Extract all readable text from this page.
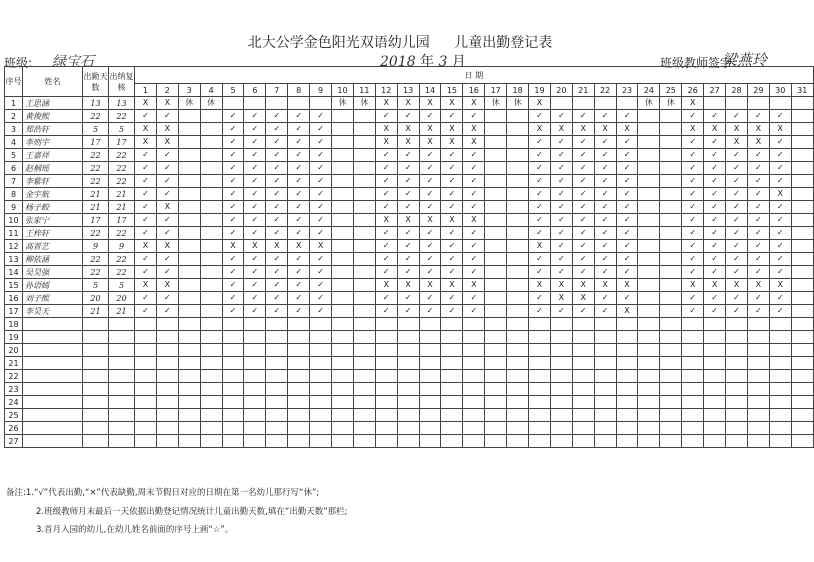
北大公学金色阳光双语幼儿园 儿童出勤登记表
班级: 绿宝石	2018 年 3 月	班级教师签字:
梁燕玲
序号	姓名	出勤天数	出纳复核	日 期																														
				1	2	3	4	5	6	7	8	9	10	11	12	13	14	15	16	17	18	19	20	21	22	23	24	25	26	27	28	29	30	31
1	王思涵	13	13	X	X	休	休						休	休	X	X	X	X	X	休	休	X					休	休	X					
2	黄俊熙	22	22	✓	✓			✓	✓	✓	✓	✓			✓	✓	✓	✓	✓			✓	✓	✓	✓	✓			✓	✓	✓	✓	✓	
3	郑浩轩	5	5	X	X			✓	✓	✓	✓	✓			X	X	X	X	X			X	X	X	X	X			X	X	X	X	X	
4	李则宇	17	17	X	X			✓	✓	✓	✓	✓			X	X	X	X	X			✓	✓	✓	✓	✓			✓	✓	X	X	✓	
5	王嘉祥	22	22	✓	✓			✓	✓	✓	✓	✓			✓	✓	✓	✓	✓			✓	✓	✓	✓	✓			✓	✓	✓	✓	✓	
6	赵桐瑶	22	22	✓	✓			✓	✓	✓	✓	✓			✓	✓	✓	✓	✓			✓	✓	✓	✓	✓			✓	✓	✓	✓	✓	
7	李紫轩	22	22	✓	✓			✓	✓	✓	✓	✓			✓	✓	✓	✓	✓			✓	✓	✓	✓	✓			✓	✓	✓	✓	✓	
8	金宇航	21	21	✓	✓			✓	✓	✓	✓	✓			✓	✓	✓	✓	✓			✓	✓	✓	✓	✓			✓	✓	✓	✓	X	
9	杨子鲛	21	21	✓	X			✓	✓	✓	✓	✓			✓	✓	✓	✓	✓			✓	✓	✓	✓	✓			✓	✓	✓	✓	✓	
10	张家宁	17	17	✓	✓			✓	✓	✓	✓	✓			X	X	X	X	X			✓	✓	✓	✓	✓			✓	✓	✓	✓	✓	
11	王梓轩	22	22	✓	✓			✓	✓	✓	✓	✓			✓	✓	✓	✓	✓			✓	✓	✓	✓	✓			✓	✓	✓	✓	✓	
12	高晋艺	9	9	X	X			X	X	X	X	X			✓	✓	✓	✓	✓			X	✓	✓	✓	✓			✓	✓	✓	✓	✓	
13	柳依涵	22	22	✓	✓			✓	✓	✓	✓	✓			✓	✓	✓	✓	✓			✓	✓	✓	✓	✓			✓	✓	✓	✓	✓	
14	吴昊强	22	22	✓	✓			✓	✓	✓	✓	✓			✓	✓	✓	✓	✓			✓	✓	✓	✓	✓			✓	✓	✓	✓	✓	
15	孙语嫣	5	5	X	X			✓	✓	✓	✓	✓			X	X	X	X	X			X	X	X	X	X			X	X	X	X	X	
16	刘子熙	20	20	✓	✓			✓	✓	✓	✓	✓			✓	✓	✓	✓	✓			✓	X	X	✓	✓			✓	✓	✓	✓	✓	
17	李昊天	21	21	✓	✓			✓	✓	✓	✓	✓			✓	✓	✓	✓	✓			✓	✓	✓	✓	X			✓	✓	✓	✓	✓	
18																																		
19																																		
20																																		
21																																		
22																																		
23																																		
24																																		
25																																		
26																																		
27																																		
备注:1.“√”代表出勤,“×”代表缺勤,周末节假日对应的日期在第一名幼儿那行写“休”;
2.班级教师月末最后一天依据出勤登记情况统计儿童出勤天数,填在“出勤天数”那栏;
3.首月入园的幼儿,在幼儿姓名前面的序号上画“☆”。
